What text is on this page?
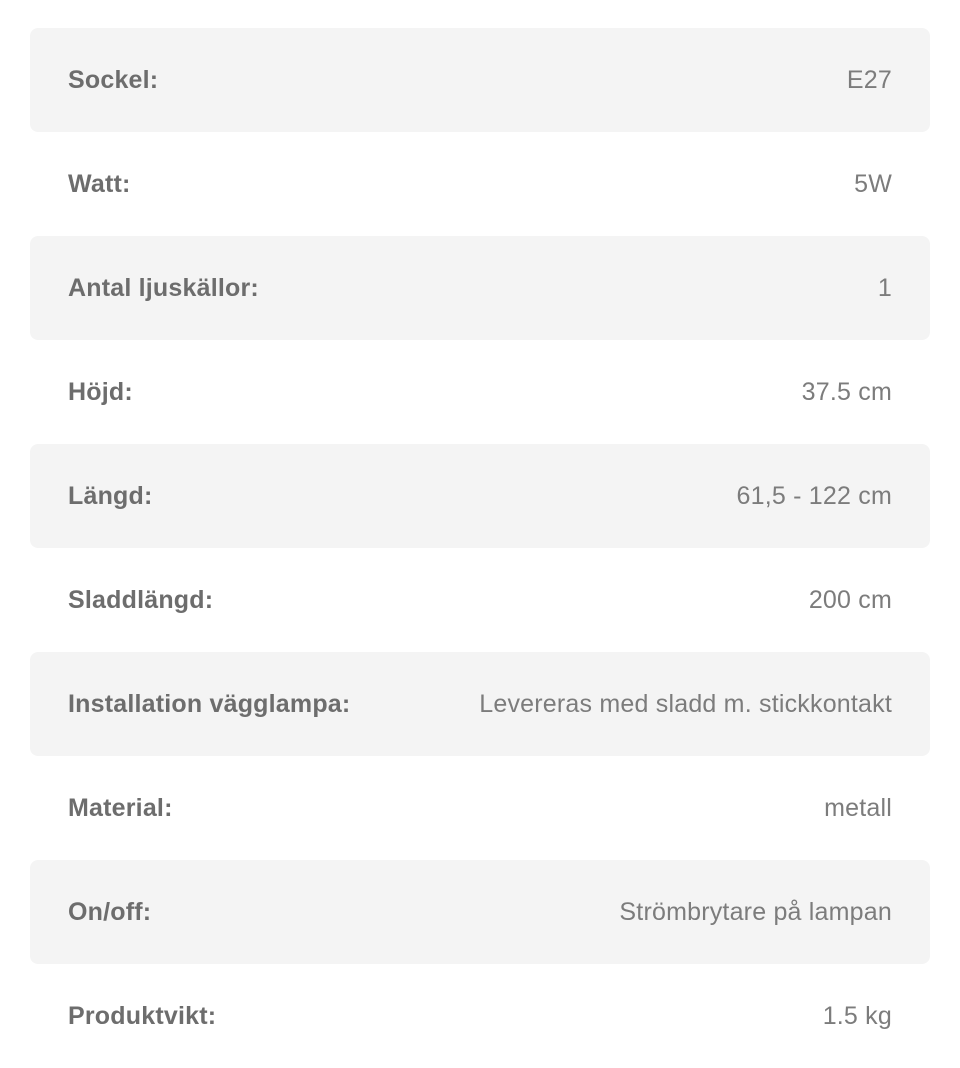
Sockel:	E27
Watt:	5W
Antal ljuskällor:	1
Höjd:	37.5 cm
Längd:	61,5 - 122 cm
Sladdlängd:	200 cm
Installation vägglampa:	Levereras med sladd m. stickkontakt
Material:	metall
On/off:	Strömbrytare på lampan
Produktvikt:	1.5 kg
